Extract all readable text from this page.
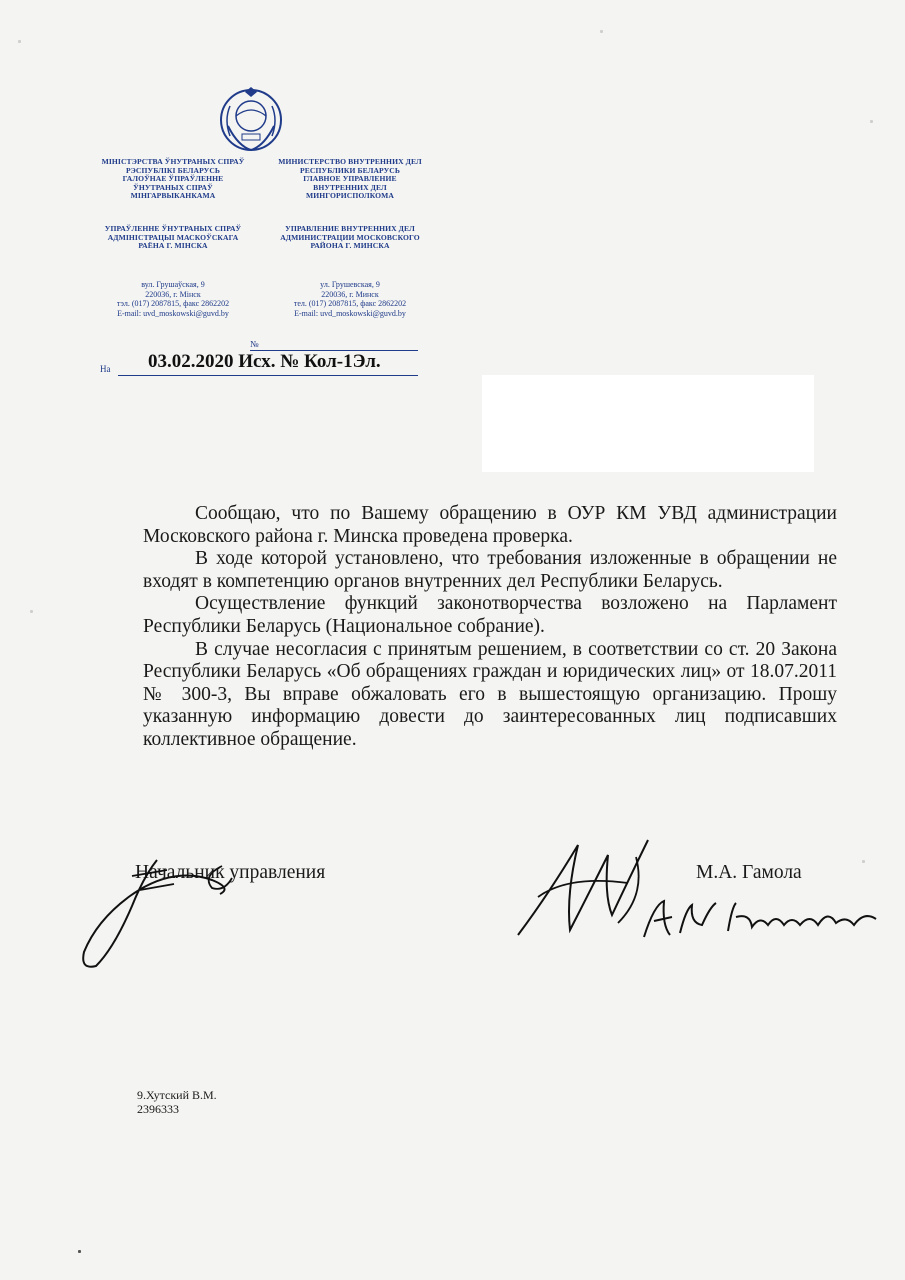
МІНІСТЭРСТВА ЎНУТРАНЫХ СПРАЎ
РЭСПУБЛІКІ БЕЛАРУСЬ
ГАЛОЎНАЕ ЎПРАЎЛЕННЕ
ЎНУТРАНЫХ СПРАЎ
МІНГАРВЫКАНКАМА
УПРАЎЛЕННЕ ЎНУТРАНЫХ СПРАЎ
АДМІНІСТРАЦЫІ МАСКОЎСКАГА
РАЁНА Г. МІНСКА
вул. Грушаўская, 9
220036, г. Мінск
тэл. (017) 2087815, факс 2862202
E-mail: uvd_moskowski@guvd.by
МИНИСТЕРСТВО ВНУТРЕННИХ ДЕЛ
РЕСПУБЛИКИ БЕЛАРУСЬ
ГЛАВНОЕ УПРАВЛЕНИЕ
ВНУТРЕННИХ ДЕЛ
МИНГОРИСПОЛКОМА
УПРАВЛЕНИЕ ВНУТРЕННИХ ДЕЛ
АДМИНИСТРАЦИИ МОСКОВСКОГО
РАЙОНА Г. МИНСКА
ул. Грушевская, 9
220036, г. Минск
тел. (017) 2087815, факс 2862202
E-mail: uvd_moskowski@guvd.by
№
На 03.02.2020 Исх. № Кол-1Эл.

Сообщаю, что по Вашему обращению в ОУР КМ УВД администрации Московского района г. Минска проведена проверка.

В ходе которой установлено, что требования изложенные в обращении не входят в компетенцию органов внутренних дел Республики Беларусь.

Осуществление функций законотворчества возложено на Парламент Республики Беларусь (Национальное собрание).

В случае несогласия с принятым решением, в соответствии со ст. 20 Закона Республики Беларусь «Об обращениях граждан и юридических лиц» от 18.07.2011 № 300-3, Вы вправе обжаловать его в вышестоящую организацию. Прошу указанную информацию довести до заинтересованных лиц подписавших коллективное обращение.

Начальник управления	М.А. Гамола
9.Хутский В.М.
2396333
